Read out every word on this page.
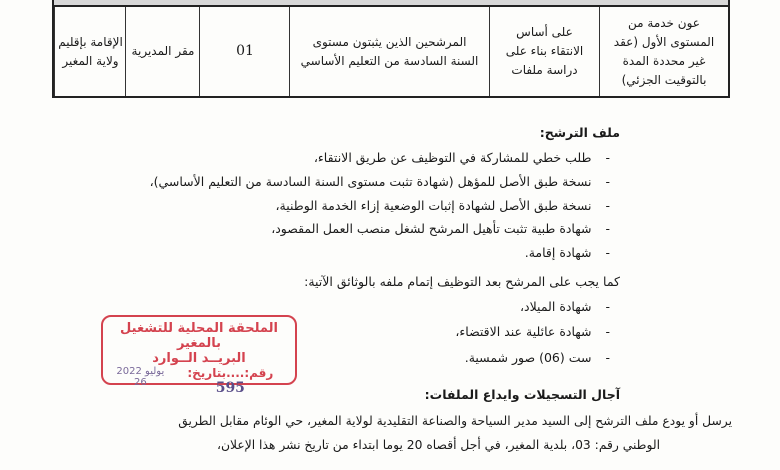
الإقامة بإقليم ولاية المغير
مقر المديرية	01
المرشحين الذين يثبتون مستوى السنة السادسة من التعليم الأساسي
على أساس الانتقاء بناء على دراسة ملفات
عون خدمة من المستوى الأول (عقد غير محددة المدة بالتوقيت الجزئي)
ملف الترشح:
-طلب خطي للمشاركة في التوظيف عن طريق الانتقاء،
-نسخة طبق الأصل للمؤهل (شهادة تثبت مستوى السنة السادسة من التعليم الأساسي)،
-نسخة طبق الأصل لشهادة إثبات الوضعية إزاء الخدمة الوطنية،
-شهادة طبية تثبت تأهيل المرشح لشغل منصب العمل المقصود،
-شهادة إقامة.
كما يجب على المرشح بعد التوظيف إتمام ملفه بالوثائق الآتية:
-شهادة الميلاد،
-شهادة عائلية عند الاقتضاء،
-ست (06) صور شمسية.
آجال التسجيلات وايداع الملفات:
يرسل أو يودع ملف الترشح إلى السيد مدير السياحة والصناعة التقليدية لولاية المغير، حي الوئام مقابل الطريق
الوطني رقم: 03، بلدية المغير، في أجل أقصاه 20 يوما ابتداء من تاريخ نشر هذا الإعلان،
الملحقة المحلية للتشغيل بالمغير
البريــد الــوارد
رقم:....بتاريخ: 595
2022 يوليو 26
